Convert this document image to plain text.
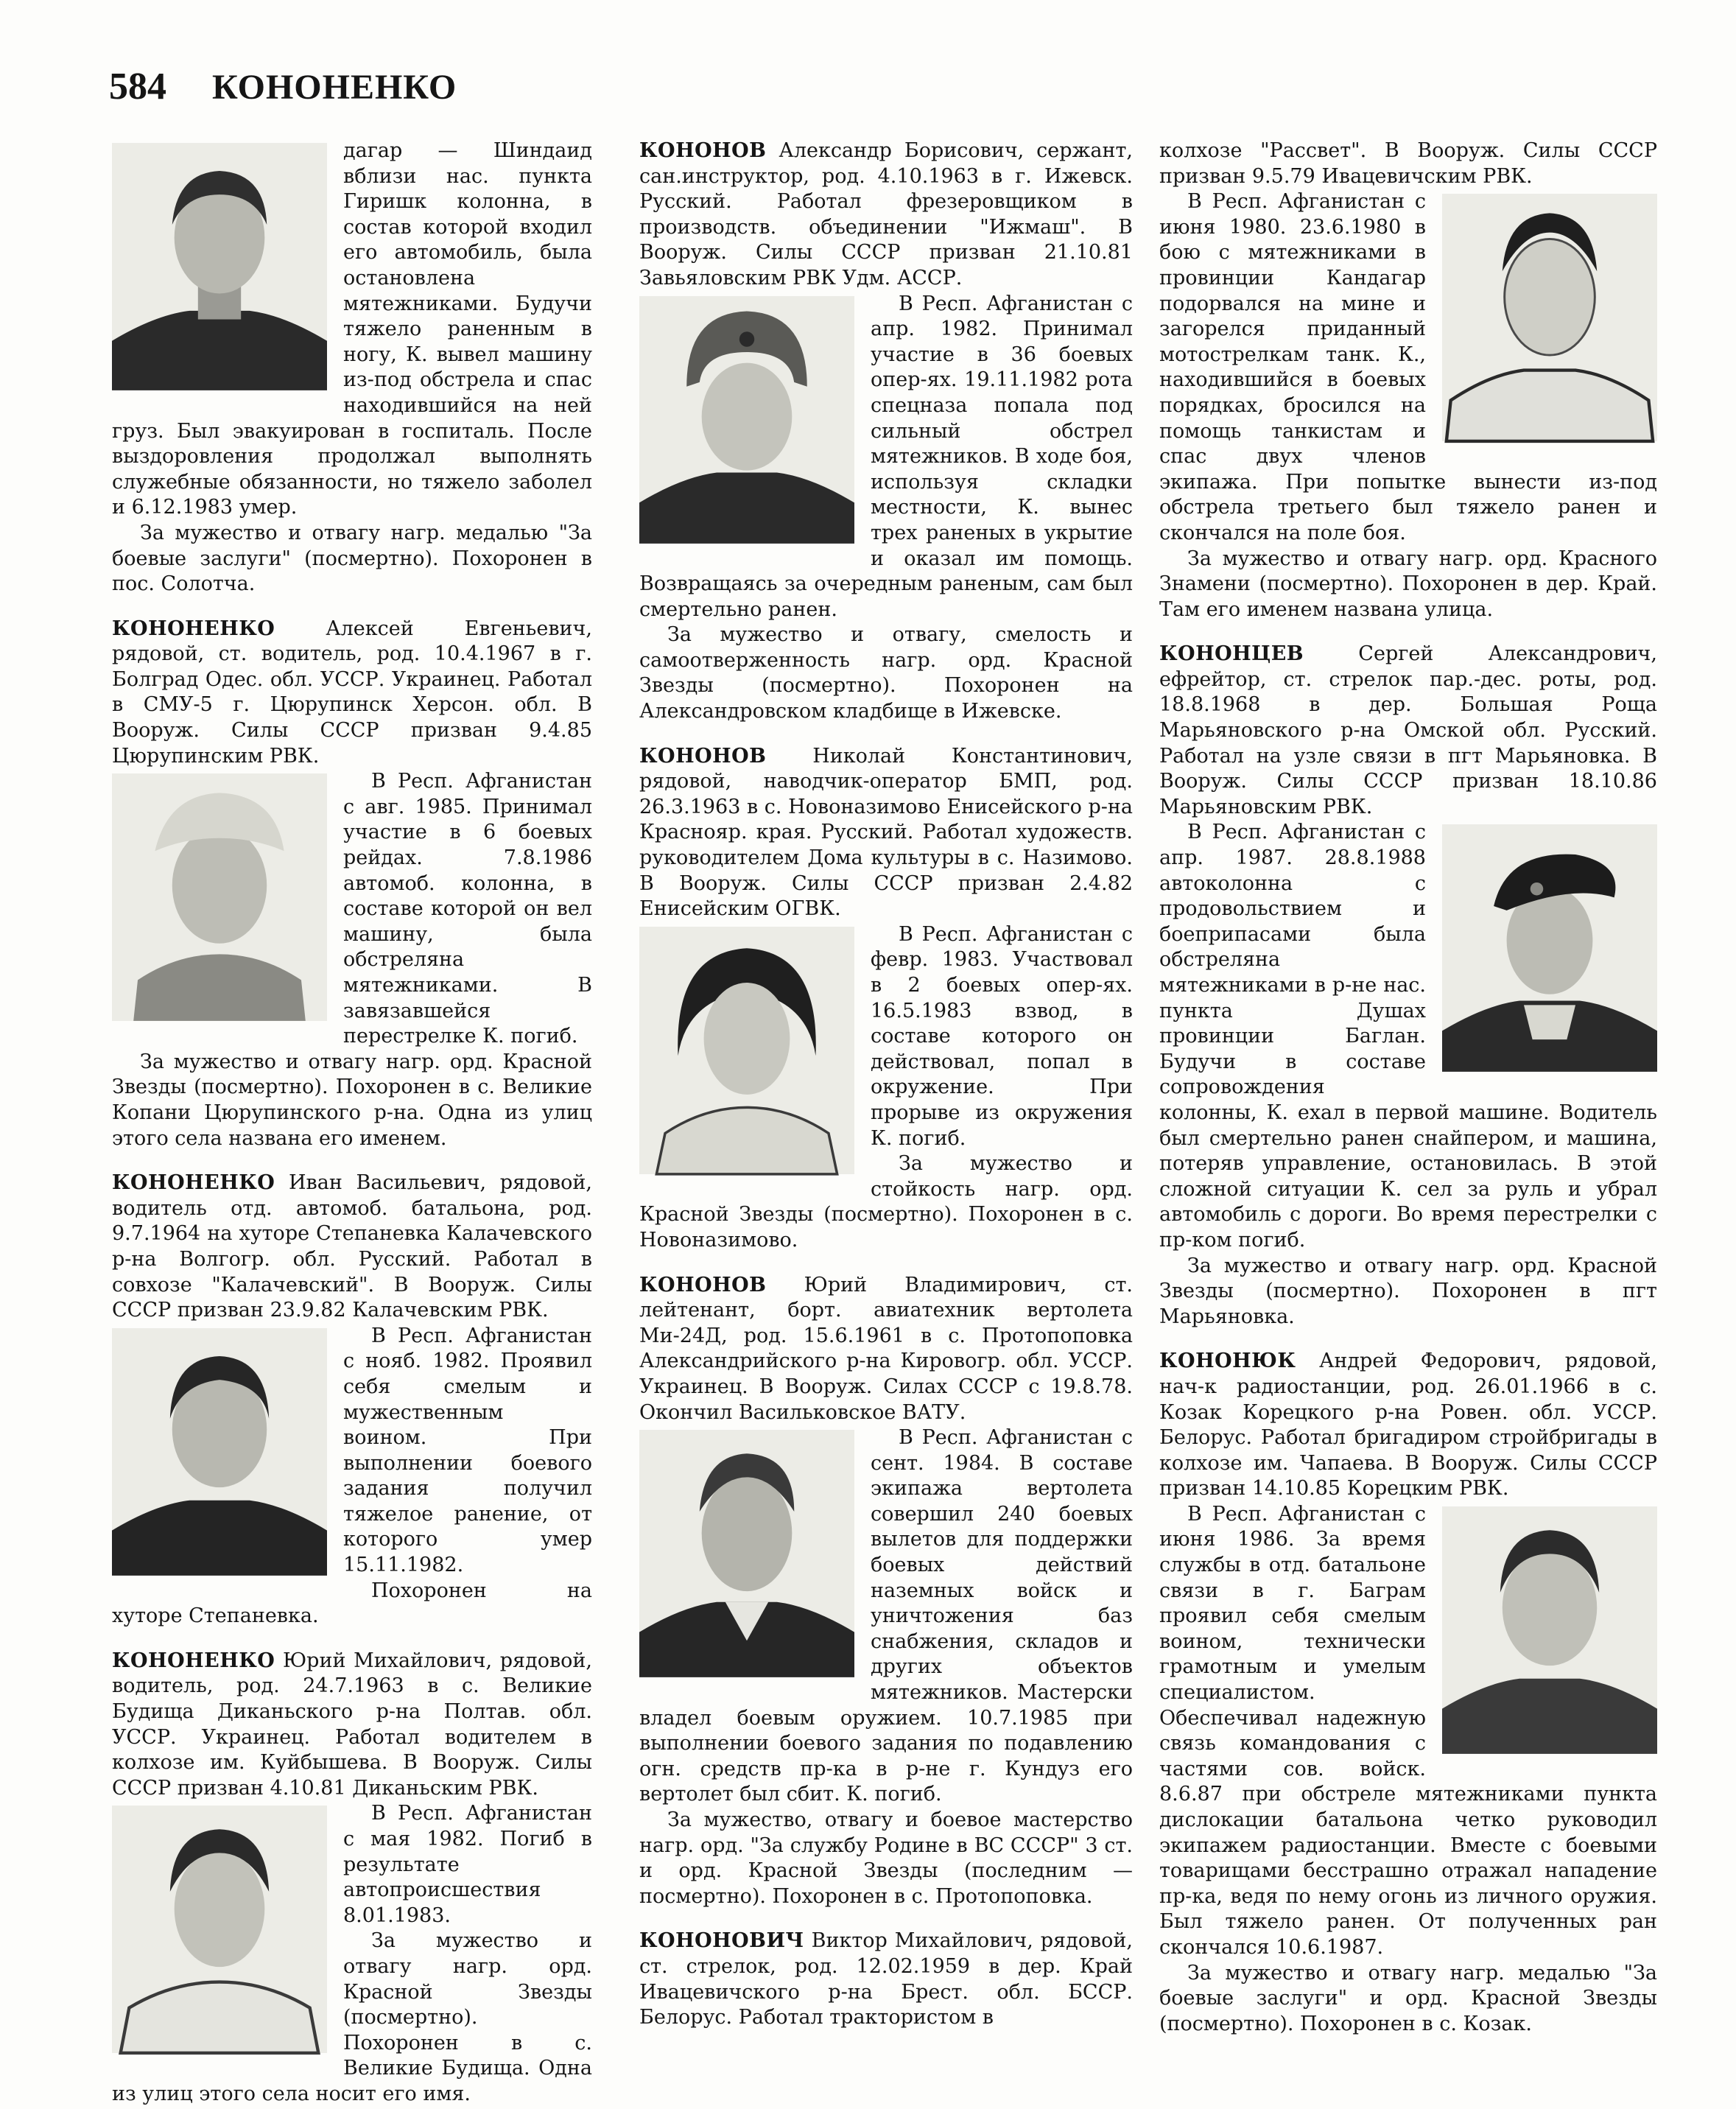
584 КОНОНЕНКО

дагар — Шиндаид вблизи нас. пункта Гиришк колонна, в состав которой входил его автомобиль, была остановлена мятежниками. Будучи тяжело раненным в ногу, К. вывел машину из-под обстрела и спас находившийся на ней груз. Был эвакуирован в госпиталь. После выздоровления продолжал выполнять служебные обязанности, но тяжело заболел и 6.12.1983 умер.

За мужество и отвагу нагр. медалью "За боевые заслуги" (посмертно). Похоронен в пос. Солотча.

КОНОНЕНКО Алексей Евгеньевич, рядовой, ст. водитель, род. 10.4.1967 в г. Болград Одес. обл. УССР. Украинец. Работал в СМУ-5 г. Цюрупинск Херсон. обл. В Вооруж. Силы СССР призван 9.4.85 Цюрупинским РВК.

В Респ. Афганистан с авг. 1985. Принимал участие в 6 боевых рейдах. 7.8.1986 автомоб. колонна, в составе которой он вел машину, была обстреляна мятежниками. В завязавшейся перестрелке К. погиб.

За мужество и отвагу нагр. орд. Красной Звезды (посмертно). Похоронен в с. Великие Копани Цюрупинского р-на. Одна из улиц этого села названа его именем.

КОНОНЕНКО Иван Васильевич, рядовой, водитель отд. автомоб. батальона, род. 9.7.1964 на хуторе Степаневка Калачевского р-на Волгогр. обл. Русский. Работал в совхозе "Калачевский". В Вооруж. Силы СССР призван 23.9.82 Калачевским РВК.

В Респ. Афганистан с нояб. 1982. Проявил себя смелым и мужественным воином. При выполнении боевого задания получил тяжелое ранение, от которого умер 15.11.1982.

Похоронен на хуторе Степаневка.

КОНОНЕНКО Юрий Михайлович, рядовой, водитель, род. 24.7.1963 в с. Великие Будища Диканьского р-на Полтав. обл. УССР. Украинец. Работал водителем в колхозе им. Куйбышева. В Вооруж. Силы СССР призван 4.10.81 Диканьским РВК.

В Респ. Афганистан с мая 1982. Погиб в результате автопроисшествия 8.01.1983.

За мужество и отвагу нагр. орд. Красной Звезды (посмертно). Похоронен в с. Великие Будища. Одна из улиц этого села носит его имя.

КОНОНОВ Александр Борисович, сержант, сан.инструктор, род. 4.10.1963 в г. Ижевск. Русский. Работал фрезеровщиком в производств. объединении "Ижмаш". В Вооруж. Силы СССР призван 21.10.81 Завьяловским РВК Удм. АССР.

В Респ. Афганистан с апр. 1982. Принимал участие в 36 боевых опер-ях. 19.11.1982 рота спецназа попала под сильный обстрел мятежников. В ходе боя, используя складки местности, К. вынес трех раненых в укрытие и оказал им помощь. Возвращаясь за очередным раненым, сам был смертельно ранен.

За мужество и отвагу, смелость и самоотверженность нагр. орд. Красной Звезды (посмертно). Похоронен на Александровском кладбище в Ижевске.

КОНОНОВ Николай Константинович, рядовой, наводчик-оператор БМП, род. 26.3.1963 в с. Новоназимово Енисейского р-на Краснояр. края. Русский. Работал художеств. руководителем Дома культуры в с. Назимово. В Вооруж. Силы СССР призван 2.4.82 Енисейским ОГВК.

В Респ. Афганистан с февр. 1983. Участвовал в 2 боевых опер-ях. 16.5.1983 взвод, в составе которого он действовал, попал в окружение. При прорыве из окружения К. погиб.

За мужество и стойкость нагр. орд. Красной Звезды (посмертно). Похоронен в с. Новоназимово.

КОНОНОВ Юрий Владимирович, ст. лейтенант, борт. авиатехник вертолета Ми-24Д, род. 15.6.1961 в с. Протопоповка Александрийского р-на Кировогр. обл. УССР. Украинец. В Вооруж. Силах СССР с 19.8.78. Окончил Васильковское ВАТУ.

В Респ. Афганистан с сент. 1984. В составе экипажа вертолета совершил 240 боевых вылетов для поддержки боевых действий наземных войск и уничтожения баз снабжения, складов и других объектов мятежников. Мастерски владел боевым оружием. 10.7.1985 при выполнении боевого задания по подавлению огн. средств пр-ка в р-не г. Кундуз его вертолет был сбит. К. погиб.

За мужество, отвагу и боевое мастерство нагр. орд. "За службу Родине в ВС СССР" 3 ст. и орд. Красной Звезды (последним — посмертно). Похоронен в с. Протопоповка.

КОНОНОВИЧ Виктор Михайлович, рядовой, ст. стрелок, род. 12.02.1959 в дер. Край Ивацевичского р-на Брест. обл. БССР. Белорус. Работал трактористом в

колхозе "Рассвет". В Вооруж. Силы СССР призван 9.5.79 Ивацевичским РВК.

В Респ. Афганистан с июня 1980. 23.6.1980 в бою с мятежниками в провинции Кандагар подорвался на мине и загорелся приданный мотострелкам танк. К., находившийся в боевых порядках, бросился на помощь танкистам и спас двух членов экипажа. При попытке вынести из-под обстрела третьего был тяжело ранен и скончался на поле боя.

За мужество и отвагу нагр. орд. Красного Знамени (посмертно). Похоронен в дер. Край. Там его именем названа улица.

КОНОНЦЕВ Сергей Александрович, ефрейтор, ст. стрелок пар.-дес. роты, род. 18.8.1968 в дер. Большая Роща Марьяновского р-на Омской обл. Русский. Работал на узле связи в пгт Марьяновка. В Вооруж. Силы СССР призван 18.10.86 Марьяновским РВК.

В Респ. Афганистан с апр. 1987. 28.8.1988 автоколонна с продовольствием и боеприпасами была обстреляна мятежниками в р-не нас. пункта Душах провинции Баглан. Будучи в составе сопровождения колонны, К. ехал в первой машине. Водитель был смертельно ранен снайпером, и машина, потеряв управление, остановилась. В этой сложной ситуации К. сел за руль и убрал автомобиль с дороги. Во время перестрелки с пр-ком погиб.

За мужество и отвагу нагр. орд. Красной Звезды (посмертно). Похоронен в пгт Марьяновка.

КОНОНЮК Андрей Федорович, рядовой, нач-к радиостанции, род. 26.01.1966 в с. Козак Корецкого р-на Ровен. обл. УССР. Белорус. Работал бригадиром стройбригады в колхозе им. Чапаева. В Вооруж. Силы СССР призван 14.10.85 Корецким РВК.

В Респ. Афганистан с июня 1986. За время службы в отд. батальоне связи в г. Баграм проявил себя смелым воином, технически грамотным и умелым специалистом. Обеспечивал надежную связь командования с частями сов. войск. 8.6.87 при обстреле мятежниками пункта дислокации батальона четко руководил экипажем радиостанции. Вместе с боевыми товарищами бесстрашно отражал нападение пр-ка, ведя по нему огонь из личного оружия. Был тяжело ранен. От полученных ран скончался 10.6.1987.

За мужество и отвагу нагр. медалью "За боевые заслуги" и орд. Красной Звезды (посмертно). Похоронен в с. Козак.
